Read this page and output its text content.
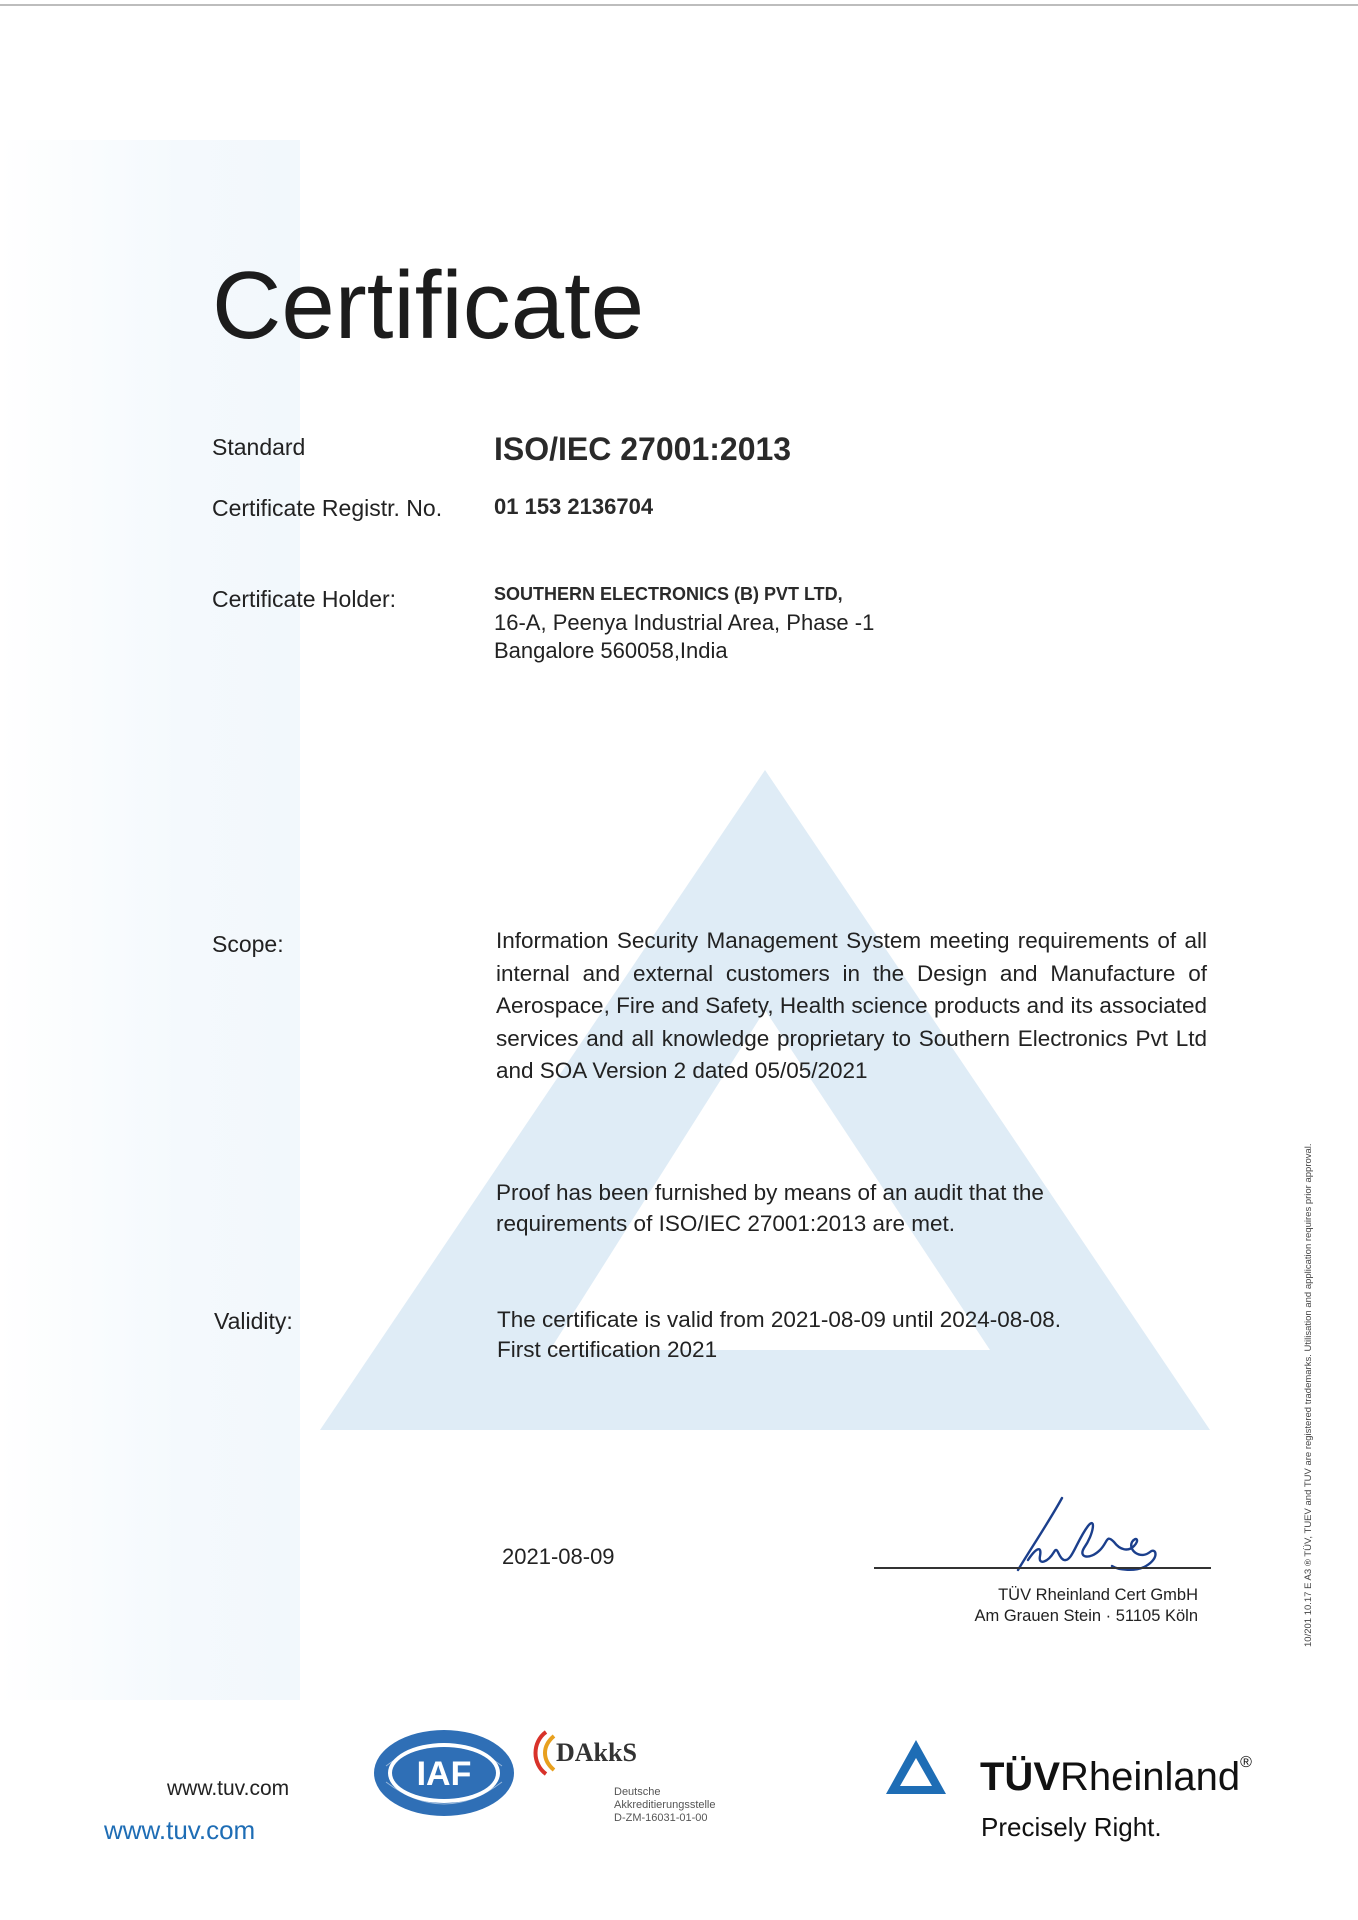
Certificate
Standard	ISO/IEC 27001:2013
Certificate Registr. No. 01 153 2136704
Certificate Holder:	SOUTHERN ELECTRONICS (B) PVT LTD,
16-A, Peenya Industrial Area, Phase -1
Bangalore 560058,India
Scope:	Information Security Management System meeting requirements of all internal and external customers in the Design and Manufacture of Aerospace, Fire and Safety, Health science products and its associated services and all knowledge proprietary to Southern Electronics Pvt Ltd and SOA Version 2 dated 05/05/2021
Proof has been furnished by means of an audit that the requirements of ISO/IEC 27001:2013 are met.
Validity:	The certificate is valid from 2021-08-09 until 2024-08-08.
First certification 2021
2021-08-09
TÜV Rheinland Cert GmbH
Am Grauen Stein · 51105 Köln	10/201 10.17 E A3 ® TÜV, TUEV and TUV are registered trademarks. Utilisation and application requires prior approval.
www.tuv.com
www.tuv.com
IAF
DAkkS
Deutsche
Akkreditierungsstelle
D-ZM-16031-01-00
TÜVRheinland®
Precisely Right.
